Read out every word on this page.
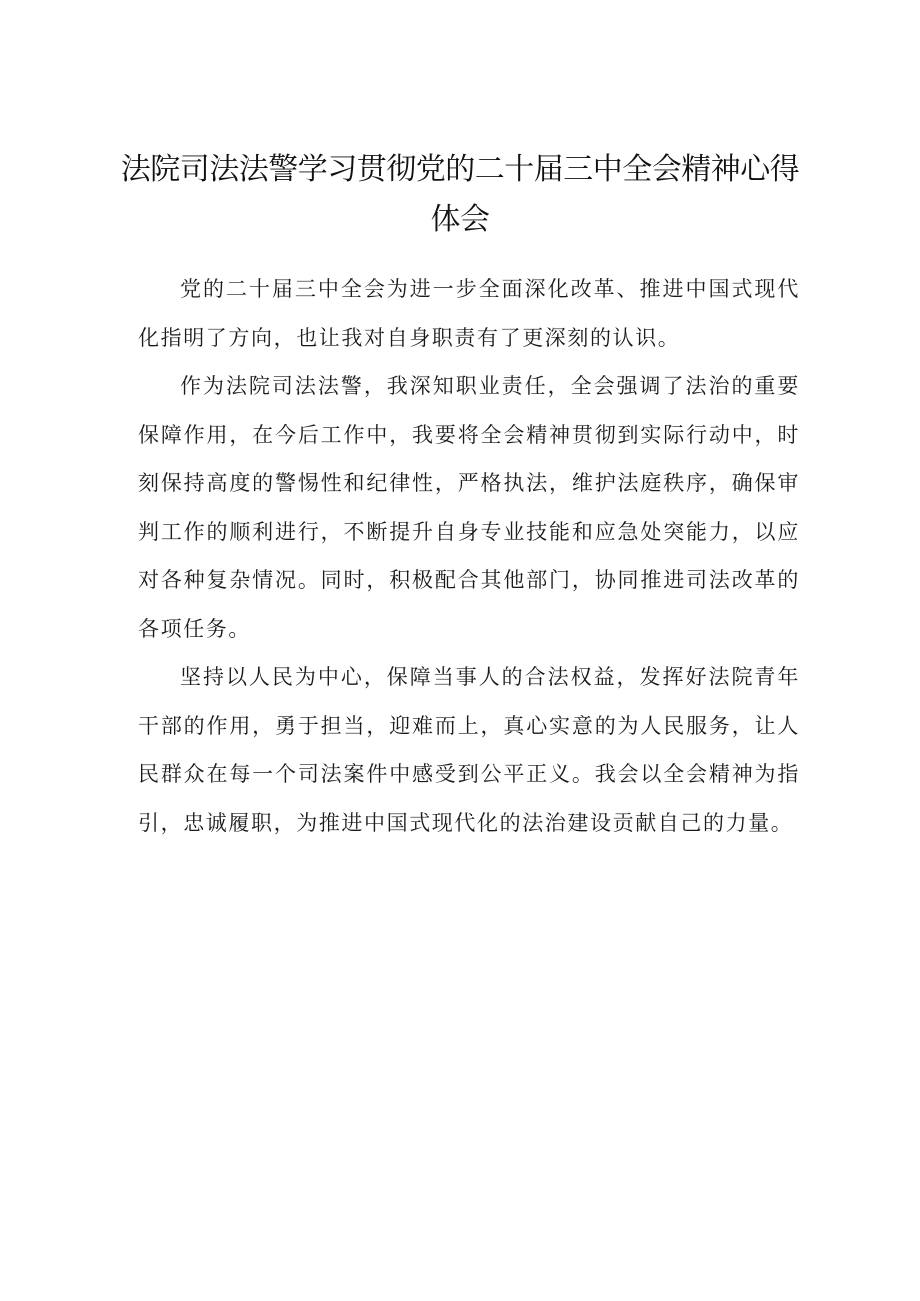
法院司法法警学习贯彻党的二十届三中全会精神心得体会

党的二十届三中全会为进一步全面深化改革、推进中国式现代化指明了方向，也让我对自身职责有了更深刻的认识。

作为法院司法法警，我深知职业责任，全会强调了法治的重要保障作用，在今后工作中，我要将全会精神贯彻到实际行动中，时刻保持高度的警惕性和纪律性，严格执法，维护法庭秩序，确保审判工作的顺利进行，不断提升自身专业技能和应急处突能力，以应对各种复杂情况。同时，积极配合其他部门，协同推进司法改革的各项任务。

坚持以人民为中心，保障当事人的合法权益，发挥好法院青年干部的作用，勇于担当，迎难而上，真心实意的为人民服务，让人民群众在每一个司法案件中感受到公平正义。我会以全会精神为指引，忠诚履职，为推进中国式现代化的法治建设贡献自己的力量。
